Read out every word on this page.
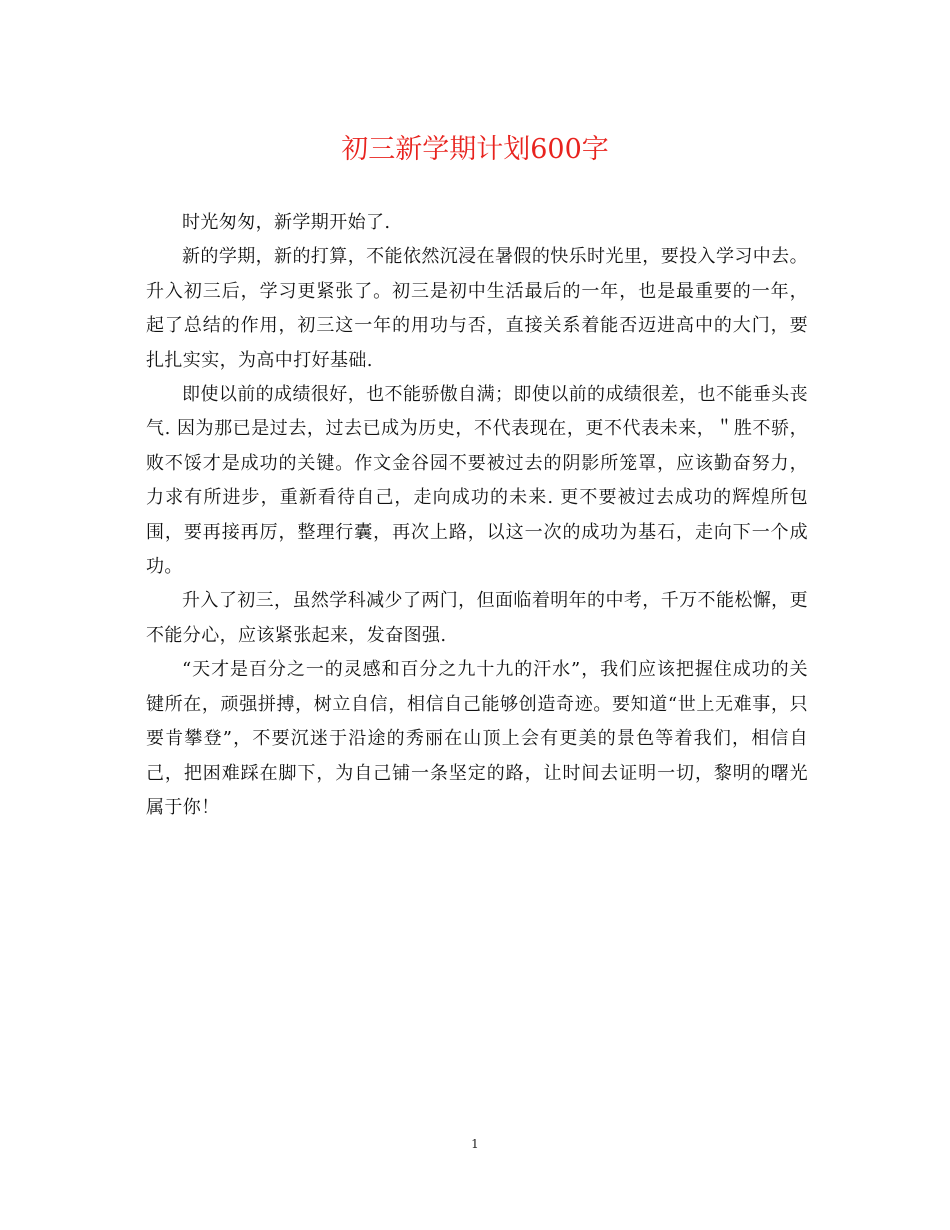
初三新学期计划600字

时光匆匆，新学期开始了.

新的学期，新的打算，不能依然沉浸在暑假的快乐时光里，要投入学习中去。升入初三后，学习更紧张了。初三是初中生活最后的一年，也是最重要的一年，起了总结的作用，初三这一年的用功与否，直接关系着能否迈进高中的大门，要扎扎实实，为高中打好基础.

即使以前的成绩很好，也不能骄傲自满；即使以前的成绩很差，也不能垂头丧气. 因为那已是过去，过去已成为历史，不代表现在，更不代表未来，＂胜不骄，败不馁才是成功的关键。作文金谷园不要被过去的阴影所笼罩，应该勤奋努力，力求有所进步，重新看待自己，走向成功的未来. 更不要被过去成功的辉煌所包围，要再接再厉，整理行囊，再次上路，以这一次的成功为基石，走向下一个成功。

升入了初三，虽然学科减少了两门，但面临着明年的中考，千万不能松懈，更不能分心，应该紧张起来，发奋图强.

“天才是百分之一的灵感和百分之九十九的汗水”，我们应该把握住成功的关键所在，顽强拼搏，树立自信，相信自己能够创造奇迹。要知道“世上无难事，只要肯攀登”，不要沉迷于沿途的秀丽在山顶上会有更美的景色等着我们，相信自己，把困难踩在脚下，为自己铺一条坚定的路，让时间去证明一切，黎明的曙光属于你！

1
